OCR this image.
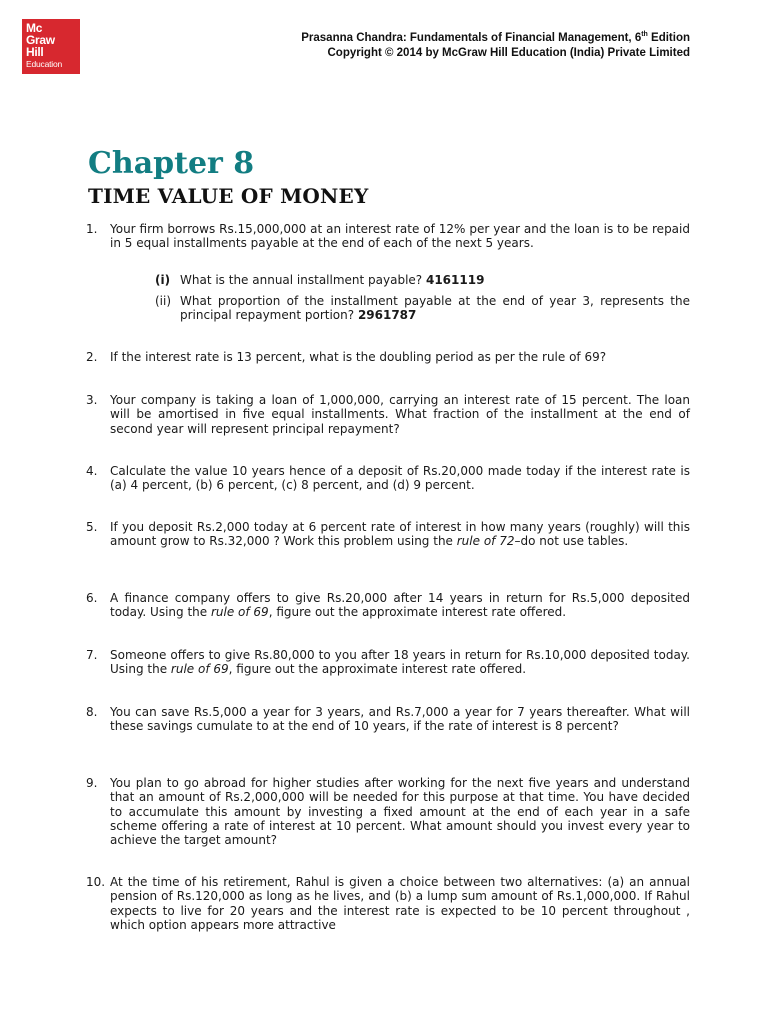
Mc
Graw
Hill
Education
Prasanna Chandra: Fundamentals of Financial Management, 6th Edition
Copyright © 2014 by McGraw Hill Education (India) Private Limited
Chapter 8
TIME VALUE OF MONEY
1. Your firm borrows Rs.15,000,000 at an interest rate of 12% per year and the loan is to be repaid in 5 equal installments payable at the end of each of the next 5 years.
(i) What is the annual installment payable? 4161119
(ii) What proportion of the installment payable at the end of year 3, represents the principal repayment portion? 2961787
2. If the interest rate is 13 percent, what is the doubling period as per the rule of 69?
3. Your company is taking a loan of 1,000,000, carrying an interest rate of 15 percent. The loan will be amortised in five equal installments. What fraction of the installment at the end of second year will represent principal repayment?
4. Calculate the value 10 years hence of a deposit of Rs.20,000 made today if the interest rate is (a) 4 percent, (b) 6 percent, (c) 8 percent, and (d) 9 percent.
5. If you deposit Rs.2,000 today at 6 percent rate of interest in how many years (roughly) will this amount grow to Rs.32,000 ? Work this problem using the rule of 72–do not use tables.
6. A finance company offers to give Rs.20,000 after 14 years in return for Rs.5,000 deposited today. Using the rule of 69, figure out the approximate interest rate offered.
7. Someone offers to give Rs.80,000 to you after 18 years in return for Rs.10,000 deposited today. Using the rule of 69, figure out the approximate interest rate offered.
8. You can save Rs.5,000 a year for 3 years, and Rs.7,000 a year for 7 years thereafter. What will these savings cumulate to at the end of 10 years, if the rate of interest is 8 percent?
9. You plan to go abroad for higher studies after working for the next five years and understand that an amount of Rs.2,000,000 will be needed for this purpose at that time. You have decided to accumulate this amount by investing a fixed amount at the end of each year in a safe scheme offering a rate of interest at 10 percent. What amount should you invest every year to achieve the target amount?
10. At the time of his retirement, Rahul is given a choice between two alternatives: (a) an annual pension of Rs.120,000 as long as he lives, and (b) a lump sum amount of Rs.1,000,000. If Rahul expects to live for 20 years and the interest rate is expected to be 10 percent throughout , which option appears more attractive
